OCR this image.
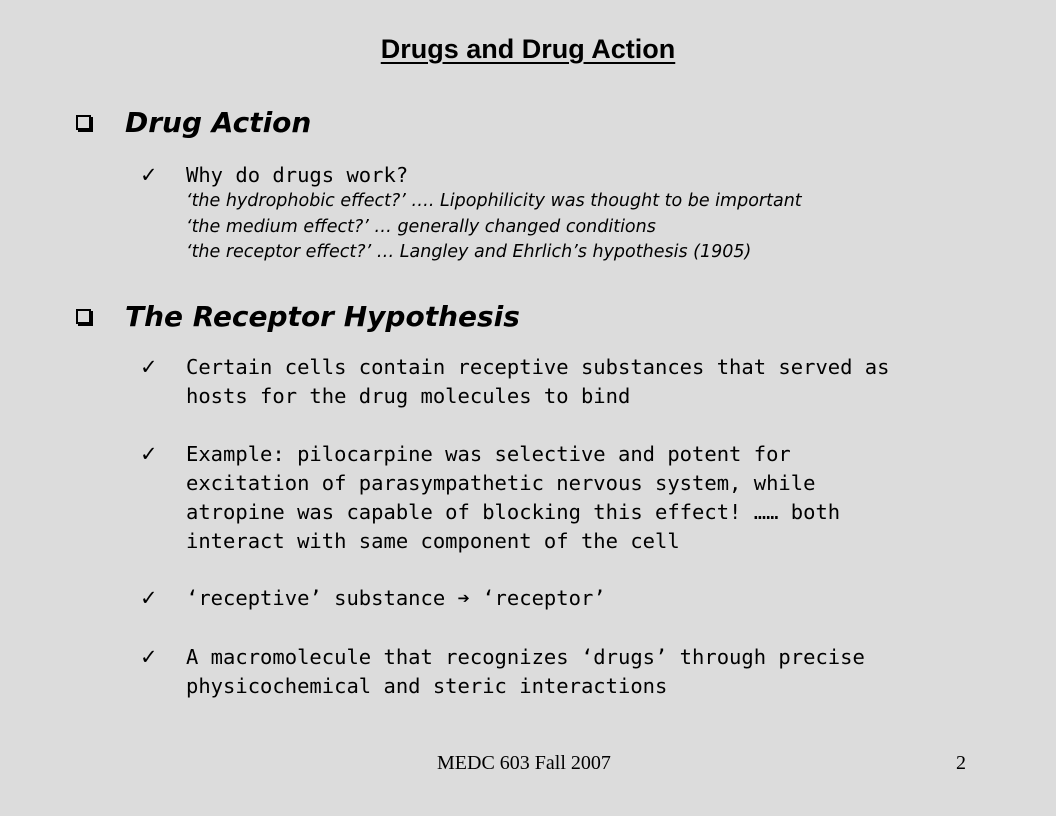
Drugs and Drug Action
Drug Action
✓	Why do drugs work?
‘the hydrophobic effect?’ …. Lipophilicity was thought to be important
‘the medium effect?’ … generally changed conditions
‘the receptor effect?’ … Langley and Ehrlich’s hypothesis (1905)
The Receptor Hypothesis
✓	Certain cells contain receptive substances that served as
hosts for the drug molecules to bind
✓	Example: pilocarpine was selective and potent for
excitation of parasympathetic nervous system, while
atropine was capable of blocking this effect! …… both
interact with same component of the cell
✓	‘receptive’ substance ➔ ‘receptor’
✓	A macromolecule that recognizes ‘drugs’ through precise
physicochemical and steric interactions
MEDC 603 Fall 2007	2
